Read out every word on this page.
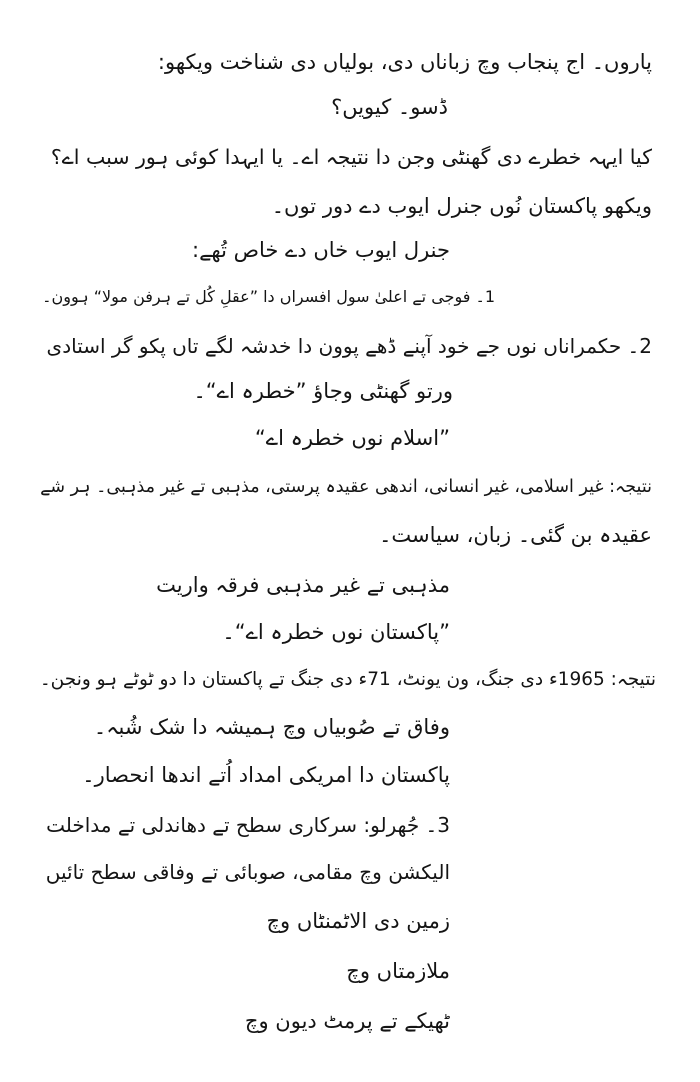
پاروں۔ اج پنجاب وچ زباناں دی، بولیاں دی شناخت ویکھو:
ڈسو۔ کیویں؟
کیا ایہہ خطرے دی گھنٹی وجن دا نتیجہ اے۔ یا ایہدا کوئی ہور سبب اے؟
ویکھو پاکستان نُوں جنرل ایوب دے دور توں۔
جنرل ایوب خاں دے خاص تُھے:
1۔ فوجی تے اعلیٰ سول افسراں دا ”عقلِ کُل تے ہرفن مولا“ ہوون۔
2۔ حکمراناں نوں جے خود آپنے ڈھے پوون دا خدشہ لگے تاں پکو گر استادی
ورتو گھنٹی وجاؤ ”خطرہ اے“۔
”اسلام نوں خطرہ اے“
نتیجہ: غیر اسلامی، غیر انسانی، اندھی عقیدہ پرستی، مذہبی تے غیر مذہبی۔ ہر شے
عقیدہ بن گئی۔ زبان، سیاست۔
مذہبی تے غیر مذہبی فرقہ واریت
”پاکستان نوں خطرہ اے“۔
نتیجہ: 1965ء دی جنگ، ون یونٹ، 71ء دی جنگ تے پاکستان دا دو ٹوٹے ہو ونجن۔
وفاق تے صُوبیاں وچ ہمیشہ دا شک شُبہ۔
پاکستان دا امریکی امداد اُتے اندھا انحصار۔
3۔ جُھرلو: سرکاری سطح تے دھاندلی تے مداخلت
الیکشن وچ مقامی، صوبائی تے وفاقی سطح تائیں
زمین دی الاٹمنٹاں وچ
ملازمتاں وچ
ٹھیکے تے پرمٹ دیون وچ
